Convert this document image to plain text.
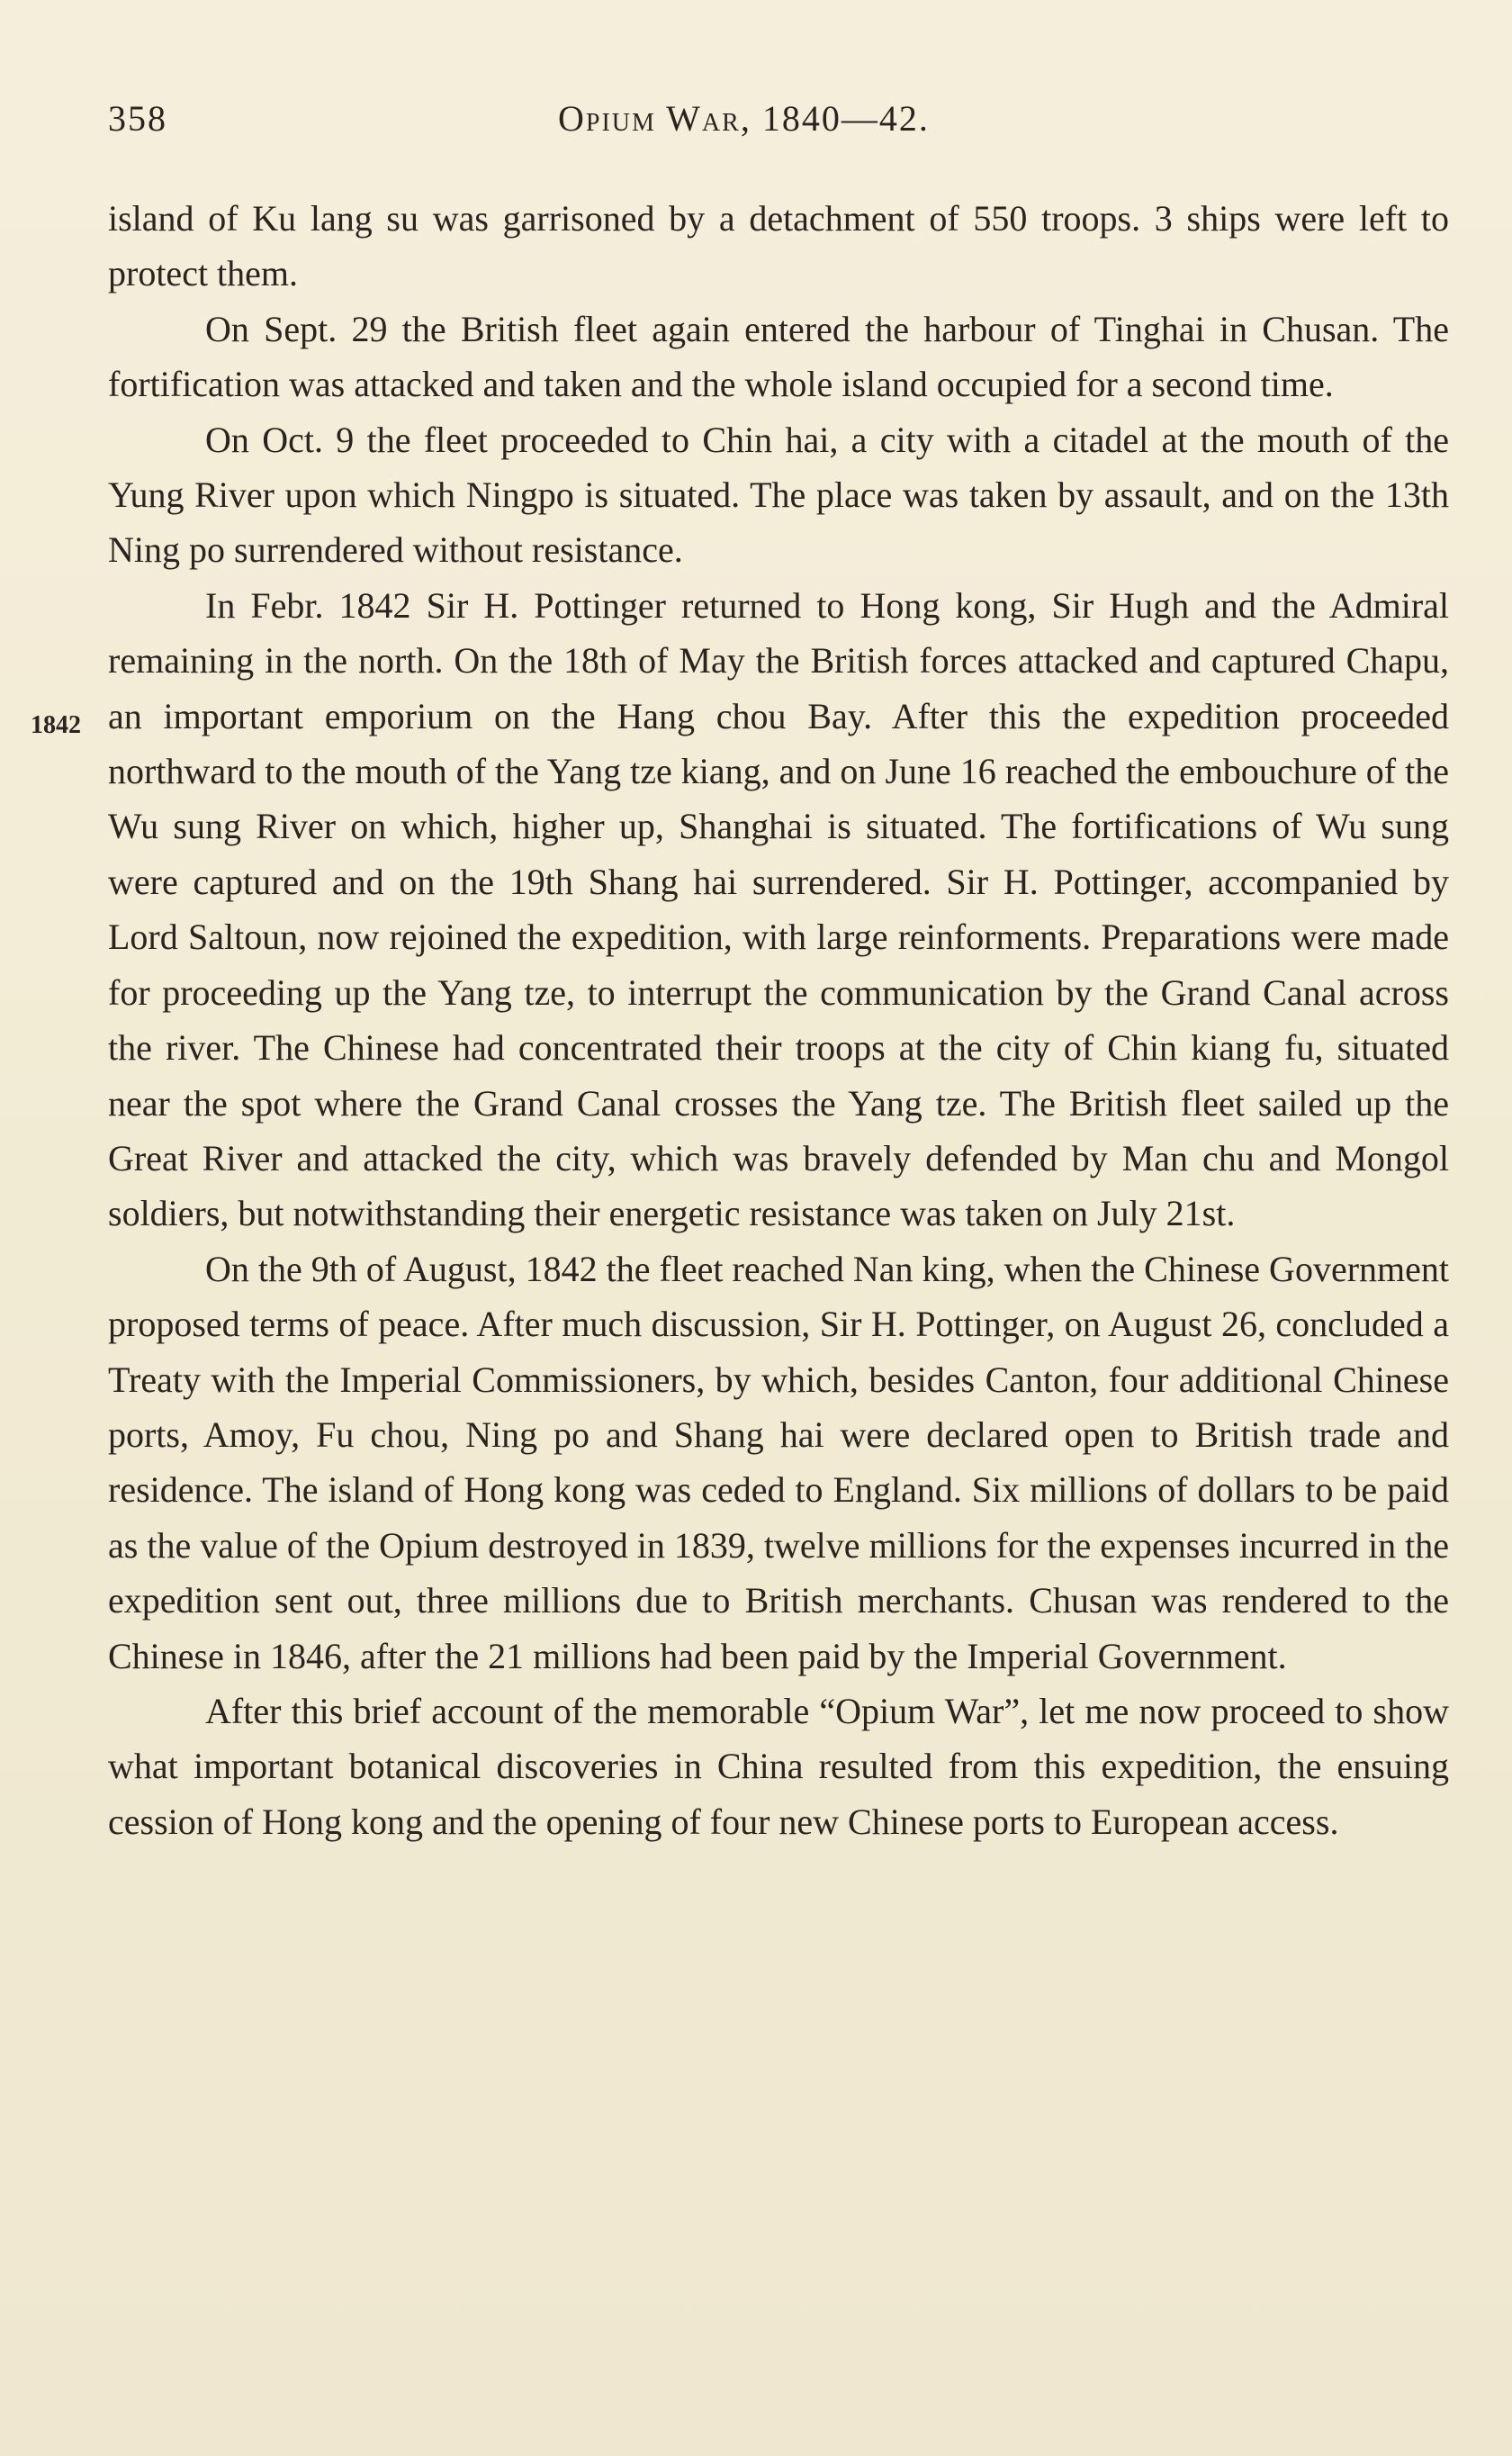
358	Opium War, 1840—42.
1842

island of Ku lang su was garrisoned by a detachment of 550 troops. 3 ships were left to protect them.

On Sept. 29 the British fleet again entered the harbour of Tinghai in Chusan. The fortification was attacked and taken and the whole island occupied for a second time.

On Oct. 9 the fleet proceeded to Chin hai, a city with a citadel at the mouth of the Yung River upon which Ningpo is situated. The place was taken by assault, and on the 13th Ning po surrendered without resistance.

In Febr. 1842 Sir H. Pottinger returned to Hong kong, Sir Hugh and the Admiral remaining in the north. On the 18th of May the British forces attacked and captured Chapu, an important emporium on the Hang chou Bay. After this the expedition proceeded northward to the mouth of the Yang tze kiang, and on June 16 reached the embouchure of the Wu sung River on which, higher up, Shanghai is situated. The fortifications of Wu sung were captured and on the 19th Shang hai surrendered. Sir H. Pottinger, accompanied by Lord Saltoun, now rejoined the expedition, with large reinforments. Preparations were made for proceeding up the Yang tze, to interrupt the communication by the Grand Canal across the river. The Chinese had concentrated their troops at the city of Chin kiang fu, situated near the spot where the Grand Canal crosses the Yang tze. The British fleet sailed up the Great River and attacked the city, which was bravely defended by Man chu and Mongol soldiers, but notwithstanding their energetic resistance was taken on July 21st.

On the 9th of August, 1842 the fleet reached Nan king, when the Chinese Government proposed terms of peace. After much discussion, Sir H. Pottinger, on August 26, concluded a Treaty with the Imperial Commissioners, by which, besides Canton, four additional Chinese ports, Amoy, Fu chou, Ning po and Shang hai were declared open to British trade and residence. The island of Hong kong was ceded to England. Six millions of dollars to be paid as the value of the Opium destroyed in 1839, twelve millions for the expenses incurred in the expedition sent out, three millions due to British merchants. Chusan was rendered to the Chinese in 1846, after the 21 millions had been paid by the Imperial Government.

After this brief account of the memorable “Opium War”, let me now proceed to show what important botanical discoveries in China resulted from this expedition, the ensuing cession of Hong kong and the opening of four new Chinese ports to European access.
